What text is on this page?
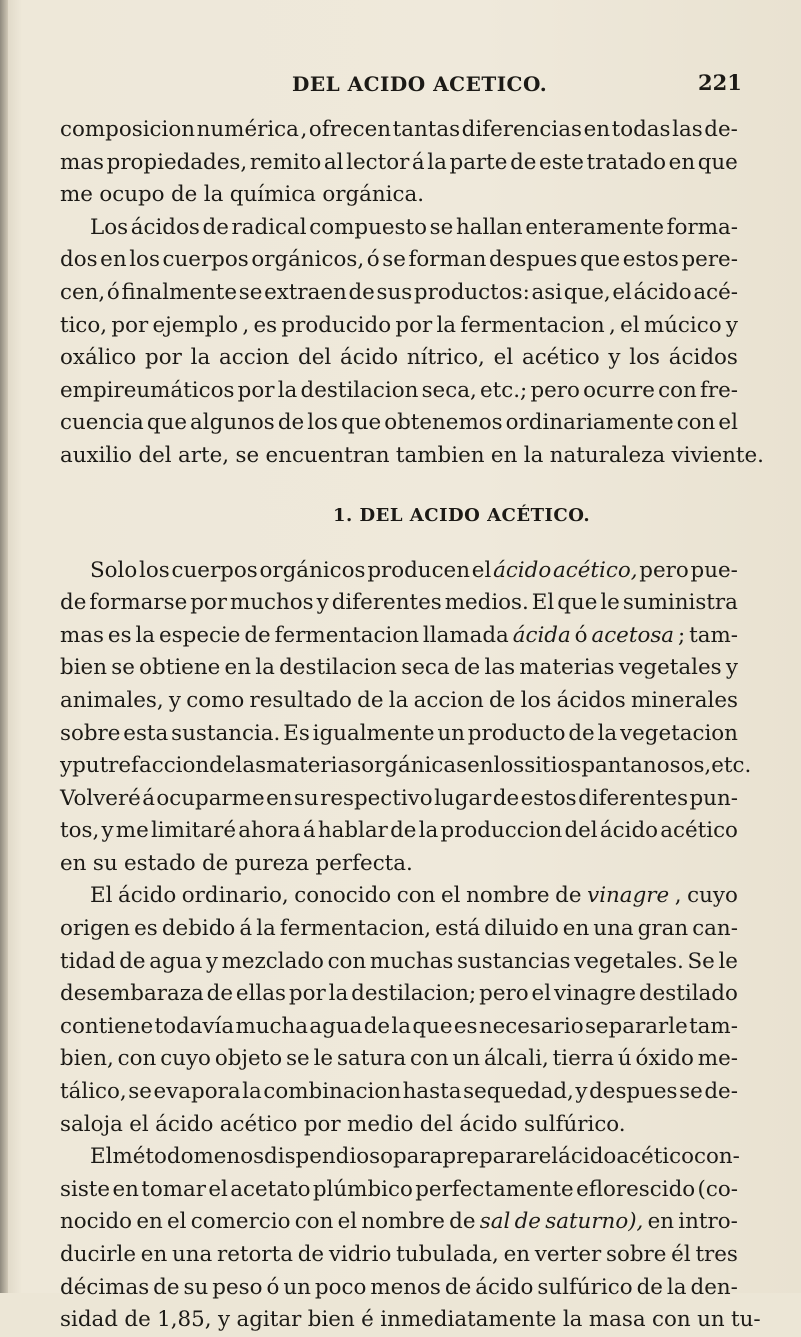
DEL ACIDO ACETICO.	221
composicion numérica , ofrecen tantas diferencias en todas las de-
mas propiedades, remito al lector á la parte de este tratado en que
me ocupo de la química orgánica.
Los ácidos de radical compuesto se hallan enteramente forma-
dos en los cuerpos orgánicos, ó se forman despues que estos pere-
cen, ó finalmente se extraen de sus productos: asi que, el ácido acé-
tico, por ejemplo , es producido por la fermentacion , el múcico y
oxálico por la accion del ácido nítrico, el acético y los ácidos
empireumáticos por la destilacion seca, etc.; pero ocurre con fre-
cuencia que algunos de los que obtenemos ordinariamente con el
auxilio del arte, se encuentran tambien en la naturaleza viviente.
1. DEL ACIDO ACÉTICO.
Solo los cuerpos orgánicos producen el ácido acético, pero pue-
de formarse por muchos y diferentes medios. El que le suministra
mas es la especie de fermentacion llamada ácida ó acetosa ; tam-
bien se obtiene en la destilacion seca de las materias vegetales y
animales, y como resultado de la accion de los ácidos minerales
sobre esta sustancia. Es igualmente un producto de la vegetacion
y putrefaccion de las materias orgánicas en los sitios pantanosos, etc.
Volveré á ocuparme en su respectivo lugar de estos diferentes pun-
tos, y me limitaré ahora á hablar de la produccion del ácido acético
en su estado de pureza perfecta.
El ácido ordinario, conocido con el nombre de vinagre , cuyo
origen es debido á la fermentacion, está diluido en una gran can-
tidad de agua y mezclado con muchas sustancias vegetales. Se le
desembaraza de ellas por la destilacion; pero el vinagre destilado
contiene todavía mucha agua de la que es necesario separarle tam-
bien, con cuyo objeto se le satura con un álcali, tierra ú óxido me-
tálico, se evapora la combinacion hasta sequedad, y despues se de-
saloja el ácido acético por medio del ácido sulfúrico.
El método menos dispendioso para preparar el ácido acético con-
siste en tomar el acetato plúmbico perfectamente eflorescido (co-
nocido en el comercio con el nombre de sal de saturno), en intro-
ducirle en una retorta de vidrio tubulada, en verter sobre él tres
décimas de su peso ó un poco menos de ácido sulfúrico de la den-
sidad de 1,85, y agitar bien é inmediatamente la masa con un tu-
